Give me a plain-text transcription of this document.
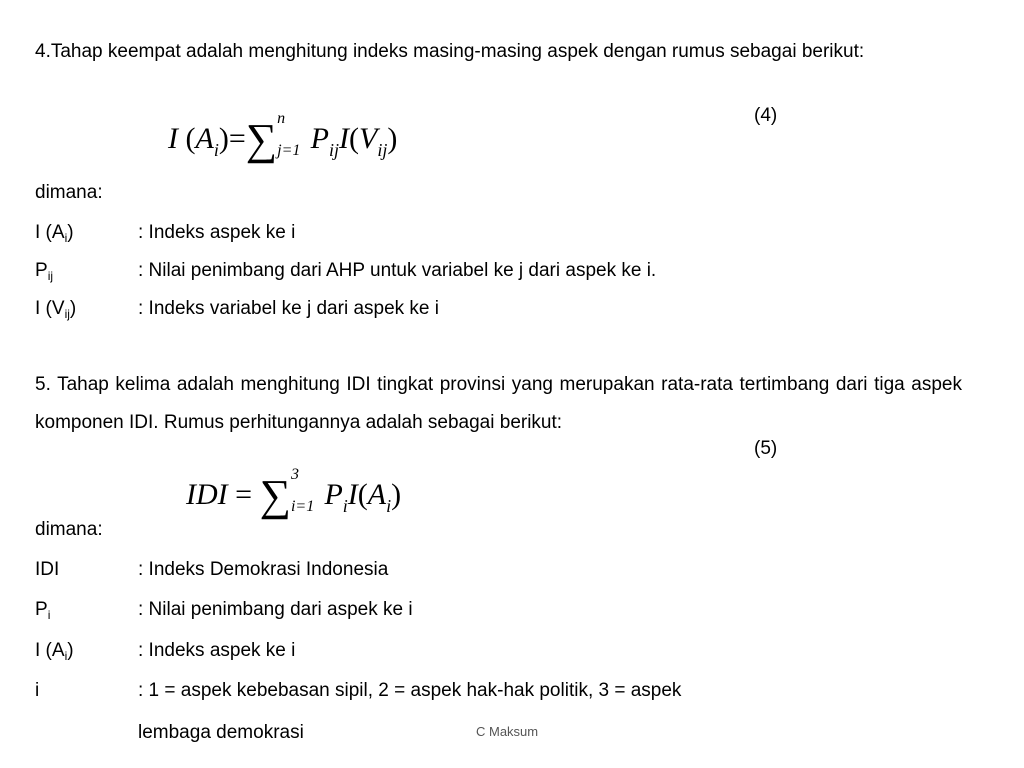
4.Tahap keempat adalah menghitung indeks masing-masing aspek dengan rumus sebagai berikut:
(4)
I $(A_i)=\sum$ n
j=1 $P_{ij}I(V_{ij})$
dimana:
I $(A_i)$	: Indeks aspek ke i
$P_{ij}$	: Nilai penimbang dari AHP untuk variabel ke j dari aspek ke i.
I $(V_{ij})$	: Indeks variabel ke j dari aspek ke i
5. Tahap kelima adalah menghitung IDI tingkat provinsi yang merupakan rata-rata tertimbang dari tiga aspek komponen IDI. Rumus perhitungannya adalah sebagai berikut:
(5)
IDI = ∑ 3
i=1 $P_iI(A_i)$
dimana:
IDI	: Indeks Demokrasi Indonesia
$P_i$	: Nilai penimbang dari aspek ke i
I $(A_i)$	: Indeks aspek ke i
i	: 1 = aspek kebebasan sipil, 2 = aspek hak-hak politik, 3 = aspek
lembaga demokrasi	C Maksum
